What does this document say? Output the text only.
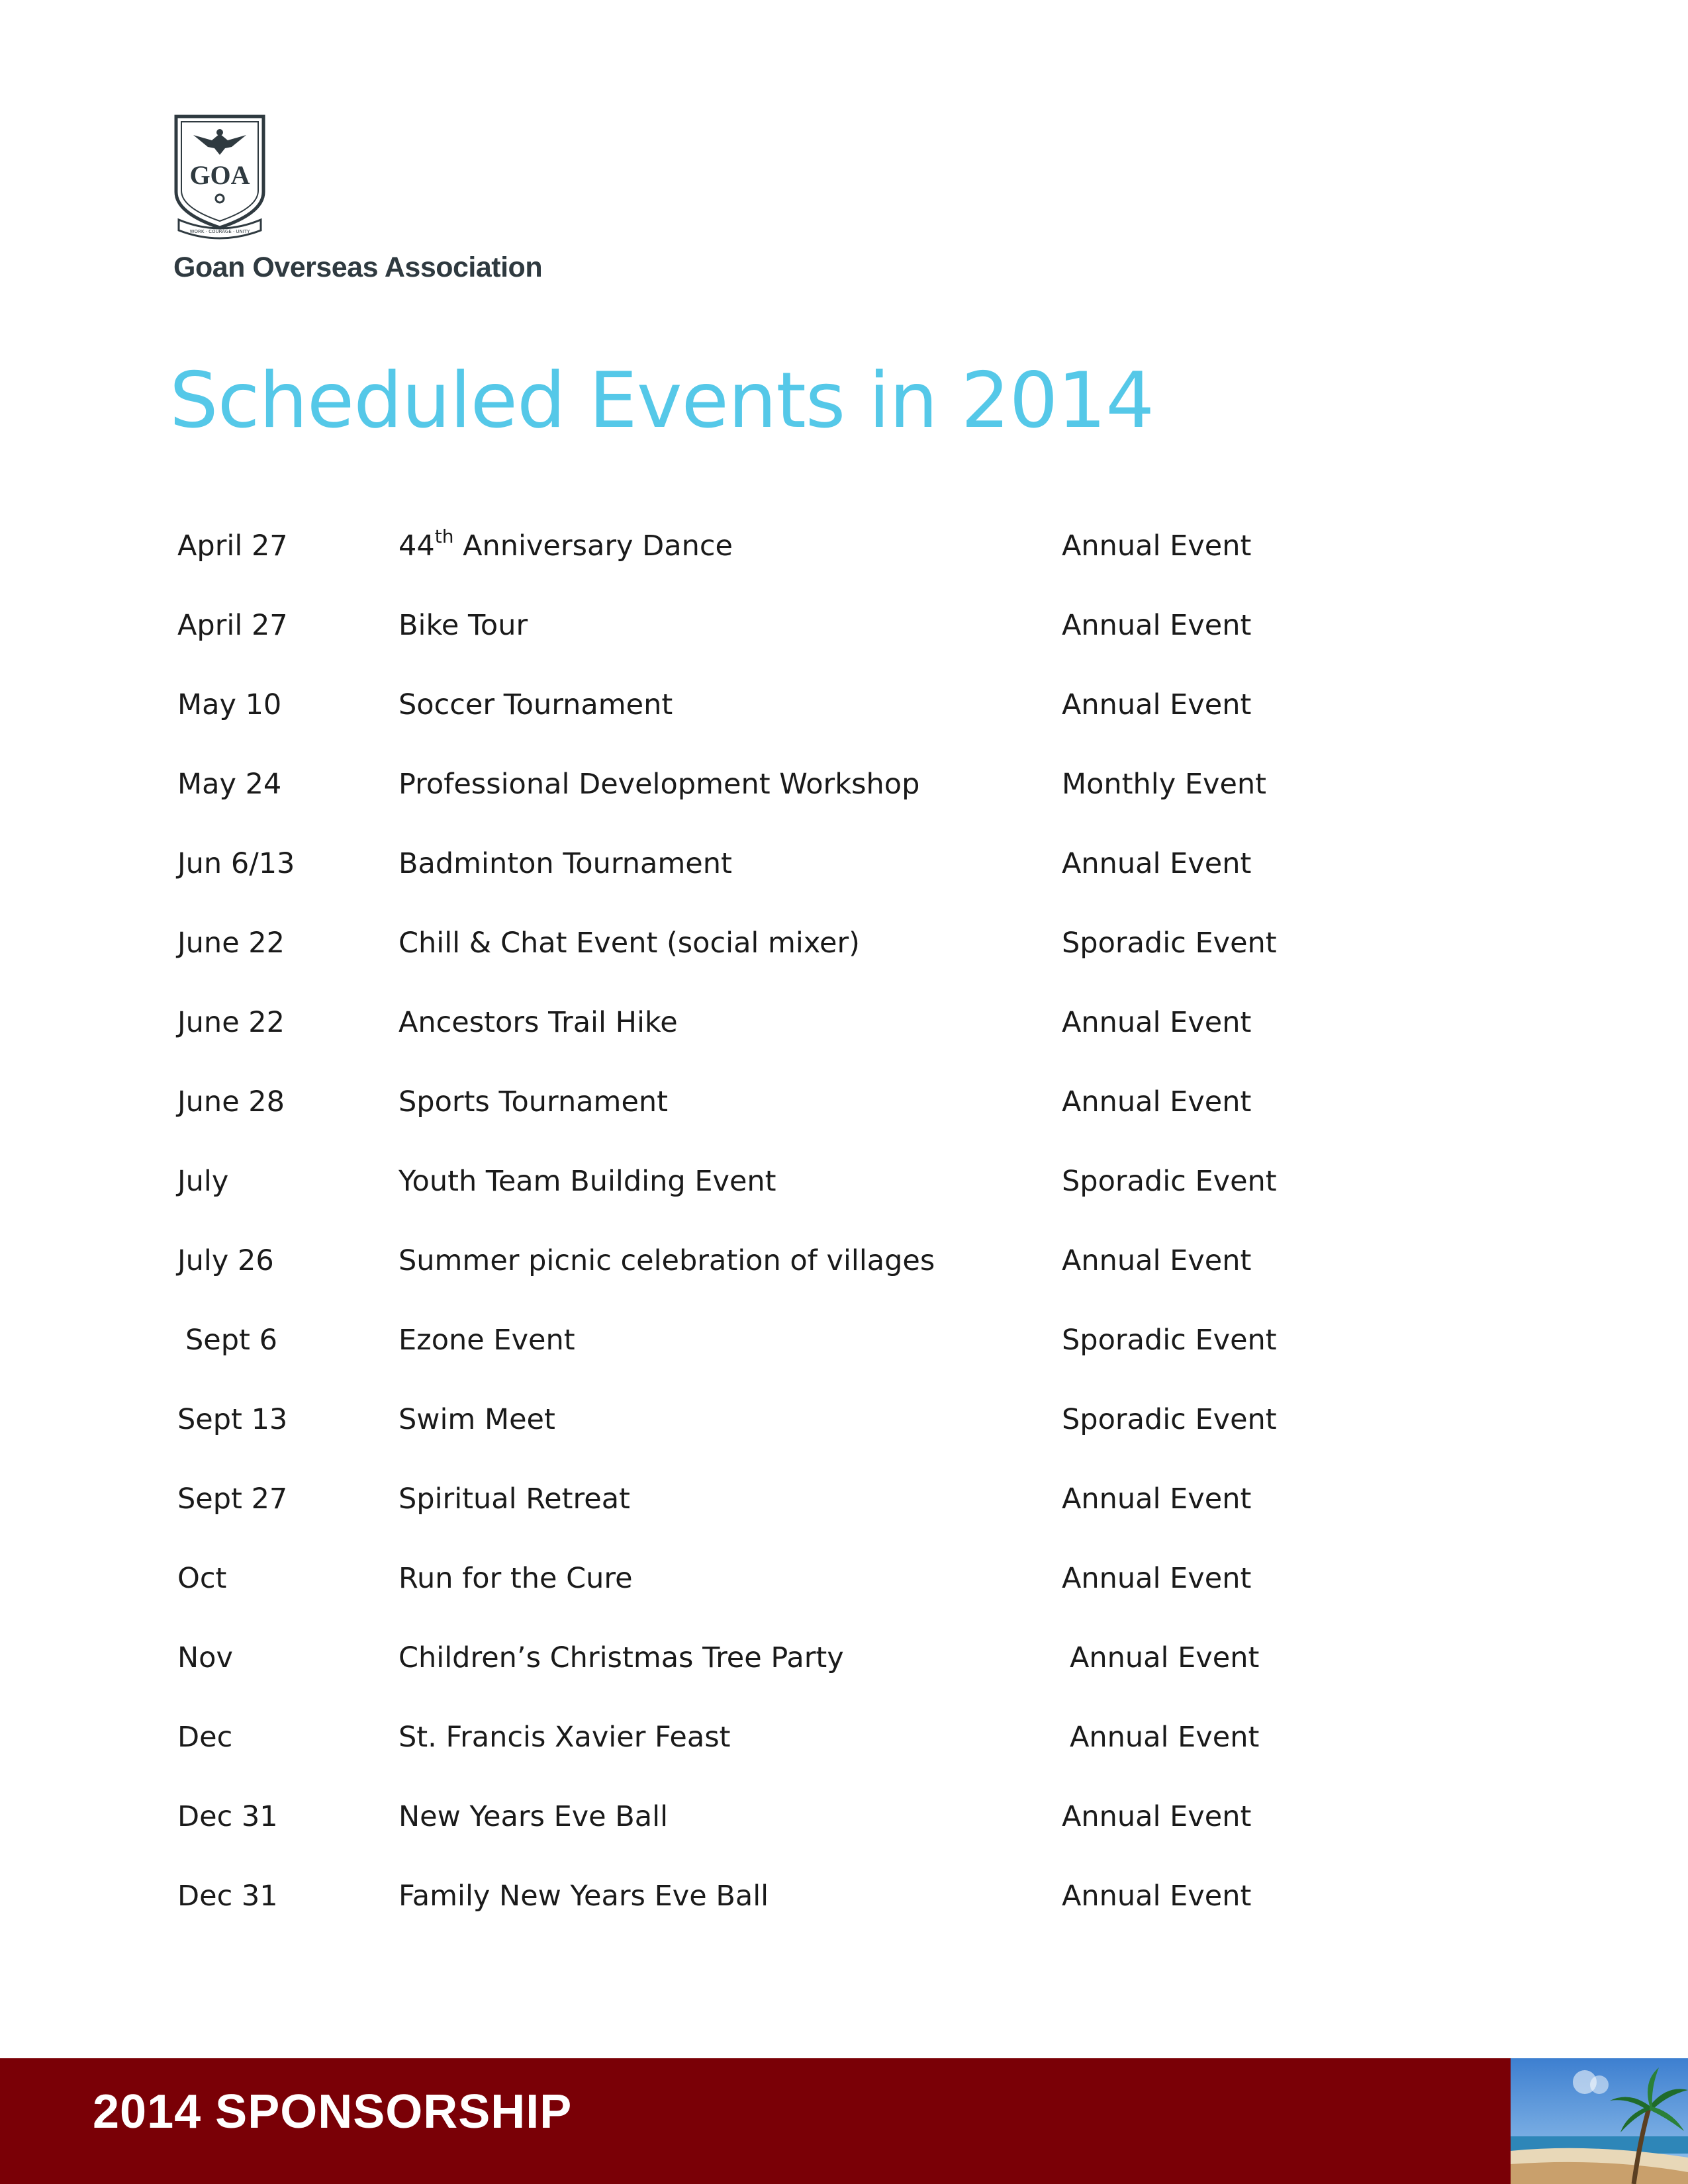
GOA
WORK · COURAGE · UNITY
Goan Overseas Association
Scheduled Events in 2014
April 27	44th Anniversary Dance	Annual Event
April 27	Bike Tour	Annual Event
May 10	Soccer Tournament	Annual Event
May 24	Professional Development Workshop	Monthly Event
Jun 6/13	Badminton Tournament	Annual Event
June 22	Chill & Chat Event (social mixer)	Sporadic Event
June 22	Ancestors Trail Hike	Annual Event
June 28	Sports Tournament	Annual Event
July	Youth Team Building Event	Sporadic Event
July 26	Summer picnic celebration of villages	Annual Event
Sept 6	Ezone Event	Sporadic Event
Sept 13	Swim Meet	Sporadic Event
Sept 27	Spiritual Retreat	Annual Event
Oct	Run for the Cure	Annual Event
Nov	Children’s Christmas Tree Party	Annual Event
Dec	St. Francis Xavier Feast	Annual Event
Dec 31	New Years Eve Ball	Annual Event
Dec 31	Family New Years Eve Ball	Annual Event
2014 SPONSORSHIP
